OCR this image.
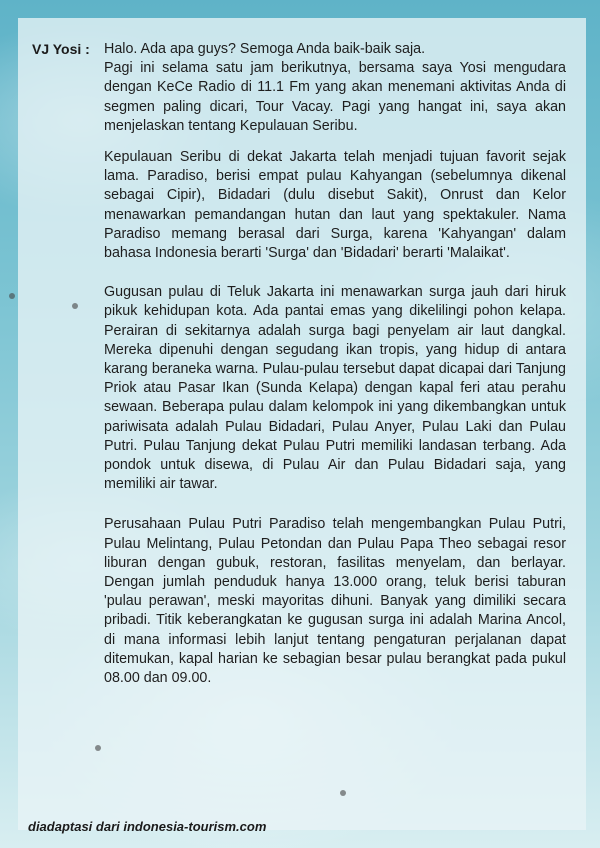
VJ Yosi : Halo. Ada apa guys? Semoga Anda baik-baik saja.

Pagi ini selama satu jam berikutnya, bersama saya Yosi mengudara dengan KeCe Radio di 11.1 Fm yang akan menemani aktivitas Anda di segmen paling dicari, Tour Vacay. Pagi yang hangat ini, saya akan menjelaskan tentang Kepulauan Seribu.

Kepulauan Seribu di dekat Jakarta telah menjadi tujuan favorit sejak lama. Paradiso, berisi empat pulau Kahyangan (sebelumnya dikenal sebagai Cipir), Bidadari (dulu disebut Sakit), Onrust dan Kelor menawarkan pemandangan hutan dan laut yang spektakuler. Nama Paradiso memang berasal dari Surga, karena 'Kahyangan' dalam bahasa Indonesia berarti 'Surga' dan 'Bidadari' berarti 'Malaikat'.

Gugusan pulau di Teluk Jakarta ini menawarkan surga jauh dari hiruk pikuk kehidupan kota. Ada pantai emas yang dikelilingi pohon kelapa. Perairan di sekitarnya adalah surga bagi penyelam air laut dangkal. Mereka dipenuhi dengan segudang ikan tropis, yang hidup di antara karang beraneka warna. Pulau-pulau tersebut dapat dicapai dari Tanjung Priok atau Pasar Ikan (Sunda Kelapa) dengan kapal feri atau perahu sewaan. Beberapa pulau dalam kelompok ini yang dikembangkan untuk pariwisata adalah Pulau Bidadari, Pulau Anyer, Pulau Laki dan Pulau Putri. Pulau Tanjung dekat Pulau Putri memiliki landasan terbang. Ada pondok untuk disewa, di Pulau Air dan Pulau Bidadari saja, yang memiliki air tawar.

Perusahaan Pulau Putri Paradiso telah mengembangkan Pulau Putri, Pulau Melintang, Pulau Petondan dan Pulau Papa Theo sebagai resor liburan dengan gubuk, restoran, fasilitas menyelam, dan berlayar. Dengan jumlah penduduk hanya 13.000 orang, teluk berisi taburan 'pulau perawan', meski mayoritas dihuni. Banyak yang dimiliki secara pribadi. Titik keberangkatan ke gugusan surga ini adalah Marina Ancol, di mana informasi lebih lanjut tentang pengaturan perjalanan dapat ditemukan, kapal harian ke sebagian besar pulau berangkat pada pukul 08.00 dan 09.00.

diadaptasi dari indonesia-tourism.com
